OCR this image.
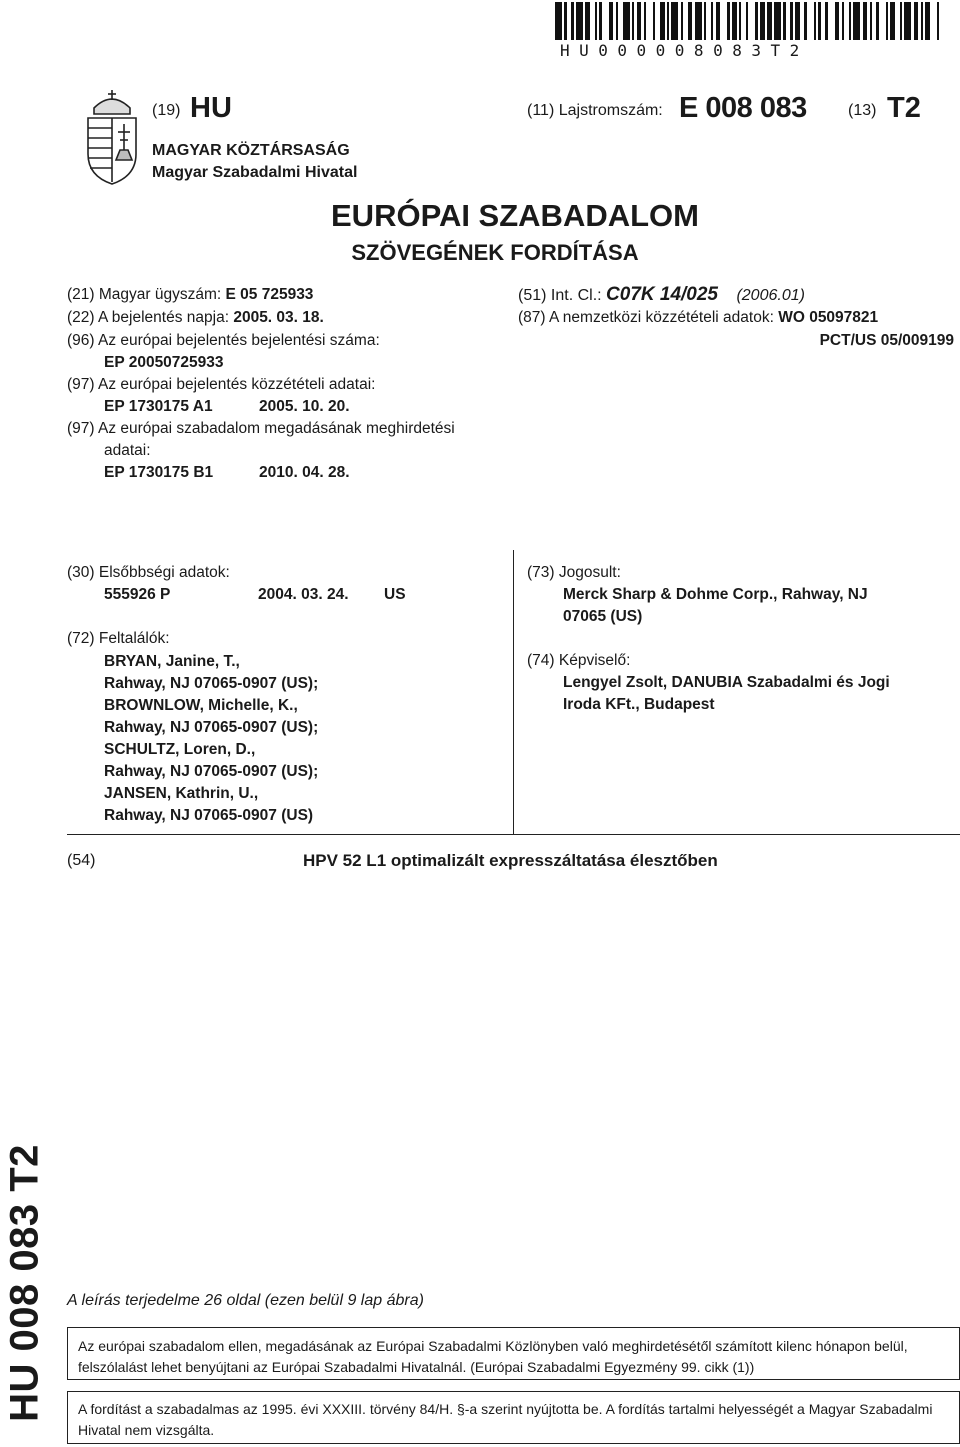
HU000008083T2
(19) HU
MAGYAR KÖZTÁRSASÁG
Magyar Szabadalmi Hivatal
(11) Lajstromszám: E 008 083	(13) T2
EURÓPAI SZABADALOM
SZÖVEGÉNEK FORDÍTÁSA
(21) Magyar ügyszám: E 05 725933
(22) A bejelentés napja: 2005. 03. 18.
(96) Az európai bejelentés bejelentési száma:
EP 20050725933
(97) Az európai bejelentés közzétételi adatai:
EP 1730175 A1	2005. 10. 20.
(97) Az európai szabadalom megadásának meghirdetési
adatai:
EP 1730175 B1	2010. 04. 28.
(51) Int. Cl.: C07K 14/025 (2006.01)
(87) A nemzetközi közzétételi adatok: WO 05097821
PCT/US 05/009199
(30) Elsőbbségi adatok:
555926 P	2004. 03. 24. US
(72) Feltalálók:
BRYAN, Janine, T.,
Rahway, NJ 07065-0907 (US);
BROWNLOW, Michelle, K.,
Rahway, NJ 07065-0907 (US);
SCHULTZ, Loren, D.,
Rahway, NJ 07065-0907 (US);
JANSEN, Kathrin, U.,
Rahway, NJ 07065-0907 (US)
(73) Jogosult:
Merck Sharp & Dohme Corp., Rahway, NJ
07065 (US)
(74) Képviselő:
Lengyel Zsolt, DANUBIA Szabadalmi és Jogi
Iroda KFt., Budapest
(54)	HPV 52 L1 optimalizált expresszáltatása élesztőben
HU 008 083 T2 A leírás terjedelme 26 oldal (ezen belül 9 lap ábra)
Az európai szabadalom ellen, megadásának az Európai Szabadalmi Közlönyben való meghirdetésétől számított kilenc hónapon belül, felszólalást lehet benyújtani az Európai Szabadalmi Hivatalnál. (Európai Szabadalmi Egyezmény 99. cikk (1))
A fordítást a szabadalmas az 1995. évi XXXIII. törvény 84/H. §-a szerint nyújtotta be. A fordítás tartalmi helyességét a Magyar Szabadalmi Hivatal nem vizsgálta.
